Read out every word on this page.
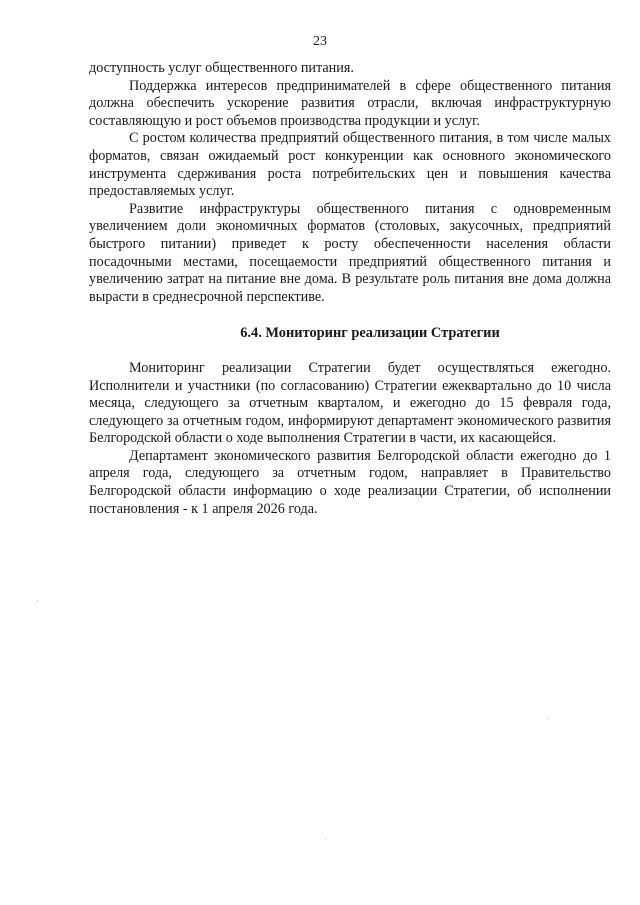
23

доступность услуг общественного питания.

Поддержка интересов предпринимателей в сфере общественного питания должна обеспечить ускорение развития отрасли, включая инфраструктурную составляющую и рост объемов производства продукции и услуг.

С ростом количества предприятий общественного питания, в том числе малых форматов, связан ожидаемый рост конкуренции как основного экономического инструмента сдерживания роста потребительских цен и повышения качества предоставляемых услуг.

Развитие инфраструктуры общественного питания с одновременным увеличением доли экономичных форматов (столовых, закусочных, предприятий быстрого питании) приведет к росту обеспеченности населения области посадочными местами, посещаемости предприятий общественного питания и увеличению затрат на питание вне дома. В результате роль питания вне дома должна вырасти в среднесрочной перспективе.

6.4. Мониторинг реализации Стратегии

Мониторинг реализации Стратегии будет осуществляться ежегодно. Исполнители и участники (по согласованию) Стратегии ежеквартально до 10 числа месяца, следующего за отчетным кварталом, и ежегодно до 15 февраля года, следующего за отчетным годом, информируют департамент экономического развития Белгородской области о ходе выполнения Стратегии в части, их касающейся.

Департамент экономического развития Белгородской области ежегодно до 1 апреля года, следующего за отчетным годом, направляет в Правительство Белгородской области информацию о ходе реализации Стратегии, об исполнении постановления - к 1 апреля 2026 года.
